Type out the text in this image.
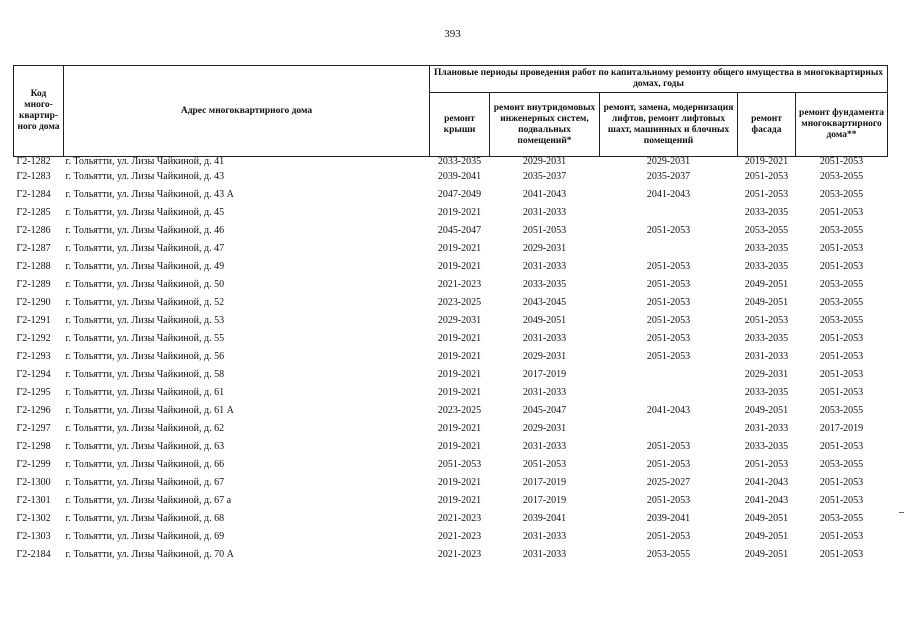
393
Код много-квартир-ного дома	Адрес многоквартирного дома	Плановые периоды проведения работ по капитальному ремонту общего имущества в многоквартирных домах, годы				
		ремонт крыши	ремонт внутридомовых инженерных систем, подвальных помещений*	ремонт, замена, модернизация лифтов, ремонт лифтовых шахт, машинных и блочных помещений	ремонт фасада	ремонт фундамента многоквартирного дома**
Г2-1282	г. Тольятти, ул. Лизы Чайкиной, д. 41	2033-2035	2029-2031	2029-2031	2019-2021	2051-2053
Г2-1283	г. Тольятти, ул. Лизы Чайкиной, д. 43	2039-2041	2035-2037	2035-2037	2051-2053	2053-2055
Г2-1284	г. Тольятти, ул. Лизы Чайкиной, д. 43 А	2047-2049	2041-2043	2041-2043	2051-2053	2053-2055
Г2-1285	г. Тольятти, ул. Лизы Чайкиной, д. 45	2019-2021	2031-2033		2033-2035	2051-2053
Г2-1286	г. Тольятти, ул. Лизы Чайкиной, д. 46	2045-2047	2051-2053	2051-2053	2053-2055	2053-2055
Г2-1287	г. Тольятти, ул. Лизы Чайкиной, д. 47	2019-2021	2029-2031		2033-2035	2051-2053
Г2-1288	г. Тольятти, ул. Лизы Чайкиной, д. 49	2019-2021	2031-2033	2051-2053	2033-2035	2051-2053
Г2-1289	г. Тольятти, ул. Лизы Чайкиной, д. 50	2021-2023	2033-2035	2051-2053	2049-2051	2053-2055
Г2-1290	г. Тольятти, ул. Лизы Чайкиной, д. 52	2023-2025	2043-2045	2051-2053	2049-2051	2053-2055
Г2-1291	г. Тольятти, ул. Лизы Чайкиной, д. 53	2029-2031	2049-2051	2051-2053	2051-2053	2053-2055
Г2-1292	г. Тольятти, ул. Лизы Чайкиной, д. 55	2019-2021	2031-2033	2051-2053	2033-2035	2051-2053
Г2-1293	г. Тольятти, ул. Лизы Чайкиной, д. 56	2019-2021	2029-2031	2051-2053	2031-2033	2051-2053
Г2-1294	г. Тольятти, ул. Лизы Чайкиной, д. 58	2019-2021	2017-2019		2029-2031	2051-2053
Г2-1295	г. Тольятти, ул. Лизы Чайкиной, д. 61	2019-2021	2031-2033		2033-2035	2051-2053
Г2-1296	г. Тольятти, ул. Лизы Чайкиной, д. 61 А	2023-2025	2045-2047	2041-2043	2049-2051	2053-2055
Г2-1297	г. Тольятти, ул. Лизы Чайкиной, д. 62	2019-2021	2029-2031		2031-2033	2017-2019
Г2-1298	г. Тольятти, ул. Лизы Чайкиной, д. 63	2019-2021	2031-2033	2051-2053	2033-2035	2051-2053
Г2-1299	г. Тольятти, ул. Лизы Чайкиной, д. 66	2051-2053	2051-2053	2051-2053	2051-2053	2053-2055
Г2-1300	г. Тольятти, ул. Лизы Чайкиной, д. 67	2019-2021	2017-2019	2025-2027	2041-2043	2051-2053
Г2-1301	г. Тольятти, ул. Лизы Чайкиной, д. 67 а	2019-2021	2017-2019	2051-2053	2041-2043	2051-2053
Г2-1302	г. Тольятти, ул. Лизы Чайкиной, д. 68	2021-2023	2039-2041	2039-2041	2049-2051	2053-2055
Г2-1303	г. Тольятти, ул. Лизы Чайкиной, д. 69	2021-2023	2031-2033	2051-2053	2049-2051	2051-2053
Г2-2184	г. Тольятти, ул. Лизы Чайкиной, д. 70 А	2021-2023	2031-2033	2053-2055	2049-2051	2051-2053
